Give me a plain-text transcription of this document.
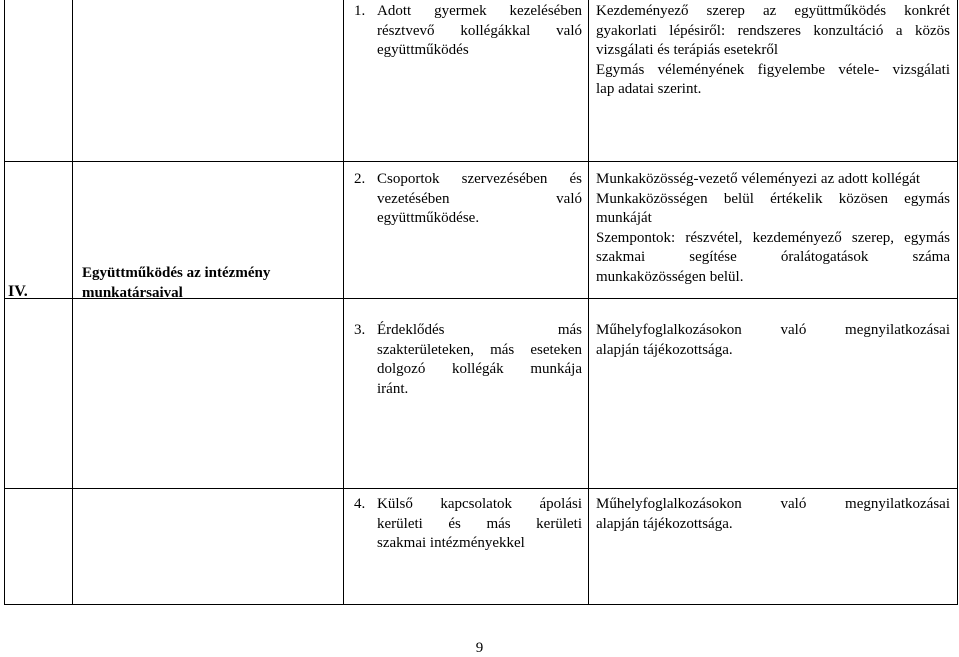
IV.
Együttműködés az intézmény
munkatársaival
1. Adott gyermek kezelésében
résztvevő kollégákkal való
együttműködés
Kezdeményező szerep az együttműködés konkrét
gyakorlati lépésiről: rendszeres konzultáció a közös
vizsgálati és terápiás esetekről
Egymás véleményének figyelembe vétele- vizsgálati
lap adatai szerint.
2. Csoportok szervezésében és
vezetésében való
együttműködése.
Munkaközösség-vezető véleményezi az adott kollégát
Munkaközösségen belül értékelik közösen egymás
munkáját
Szempontok: részvétel, kezdeményező szerep, egymás
szakmai segítése óralátogatások száma
munkaközösségen belül.
3. Érdeklődés más
szakterületeken, más eseteken
dolgozó kollégák munkája
iránt.
Műhelyfoglalkozásokon való megnyilatkozásai
alapján tájékozottsága.
4. Külső kapcsolatok ápolási
kerületi és más kerületi
szakmai intézményekkel
Műhelyfoglalkozásokon való megnyilatkozásai
alapján tájékozottsága.
9
